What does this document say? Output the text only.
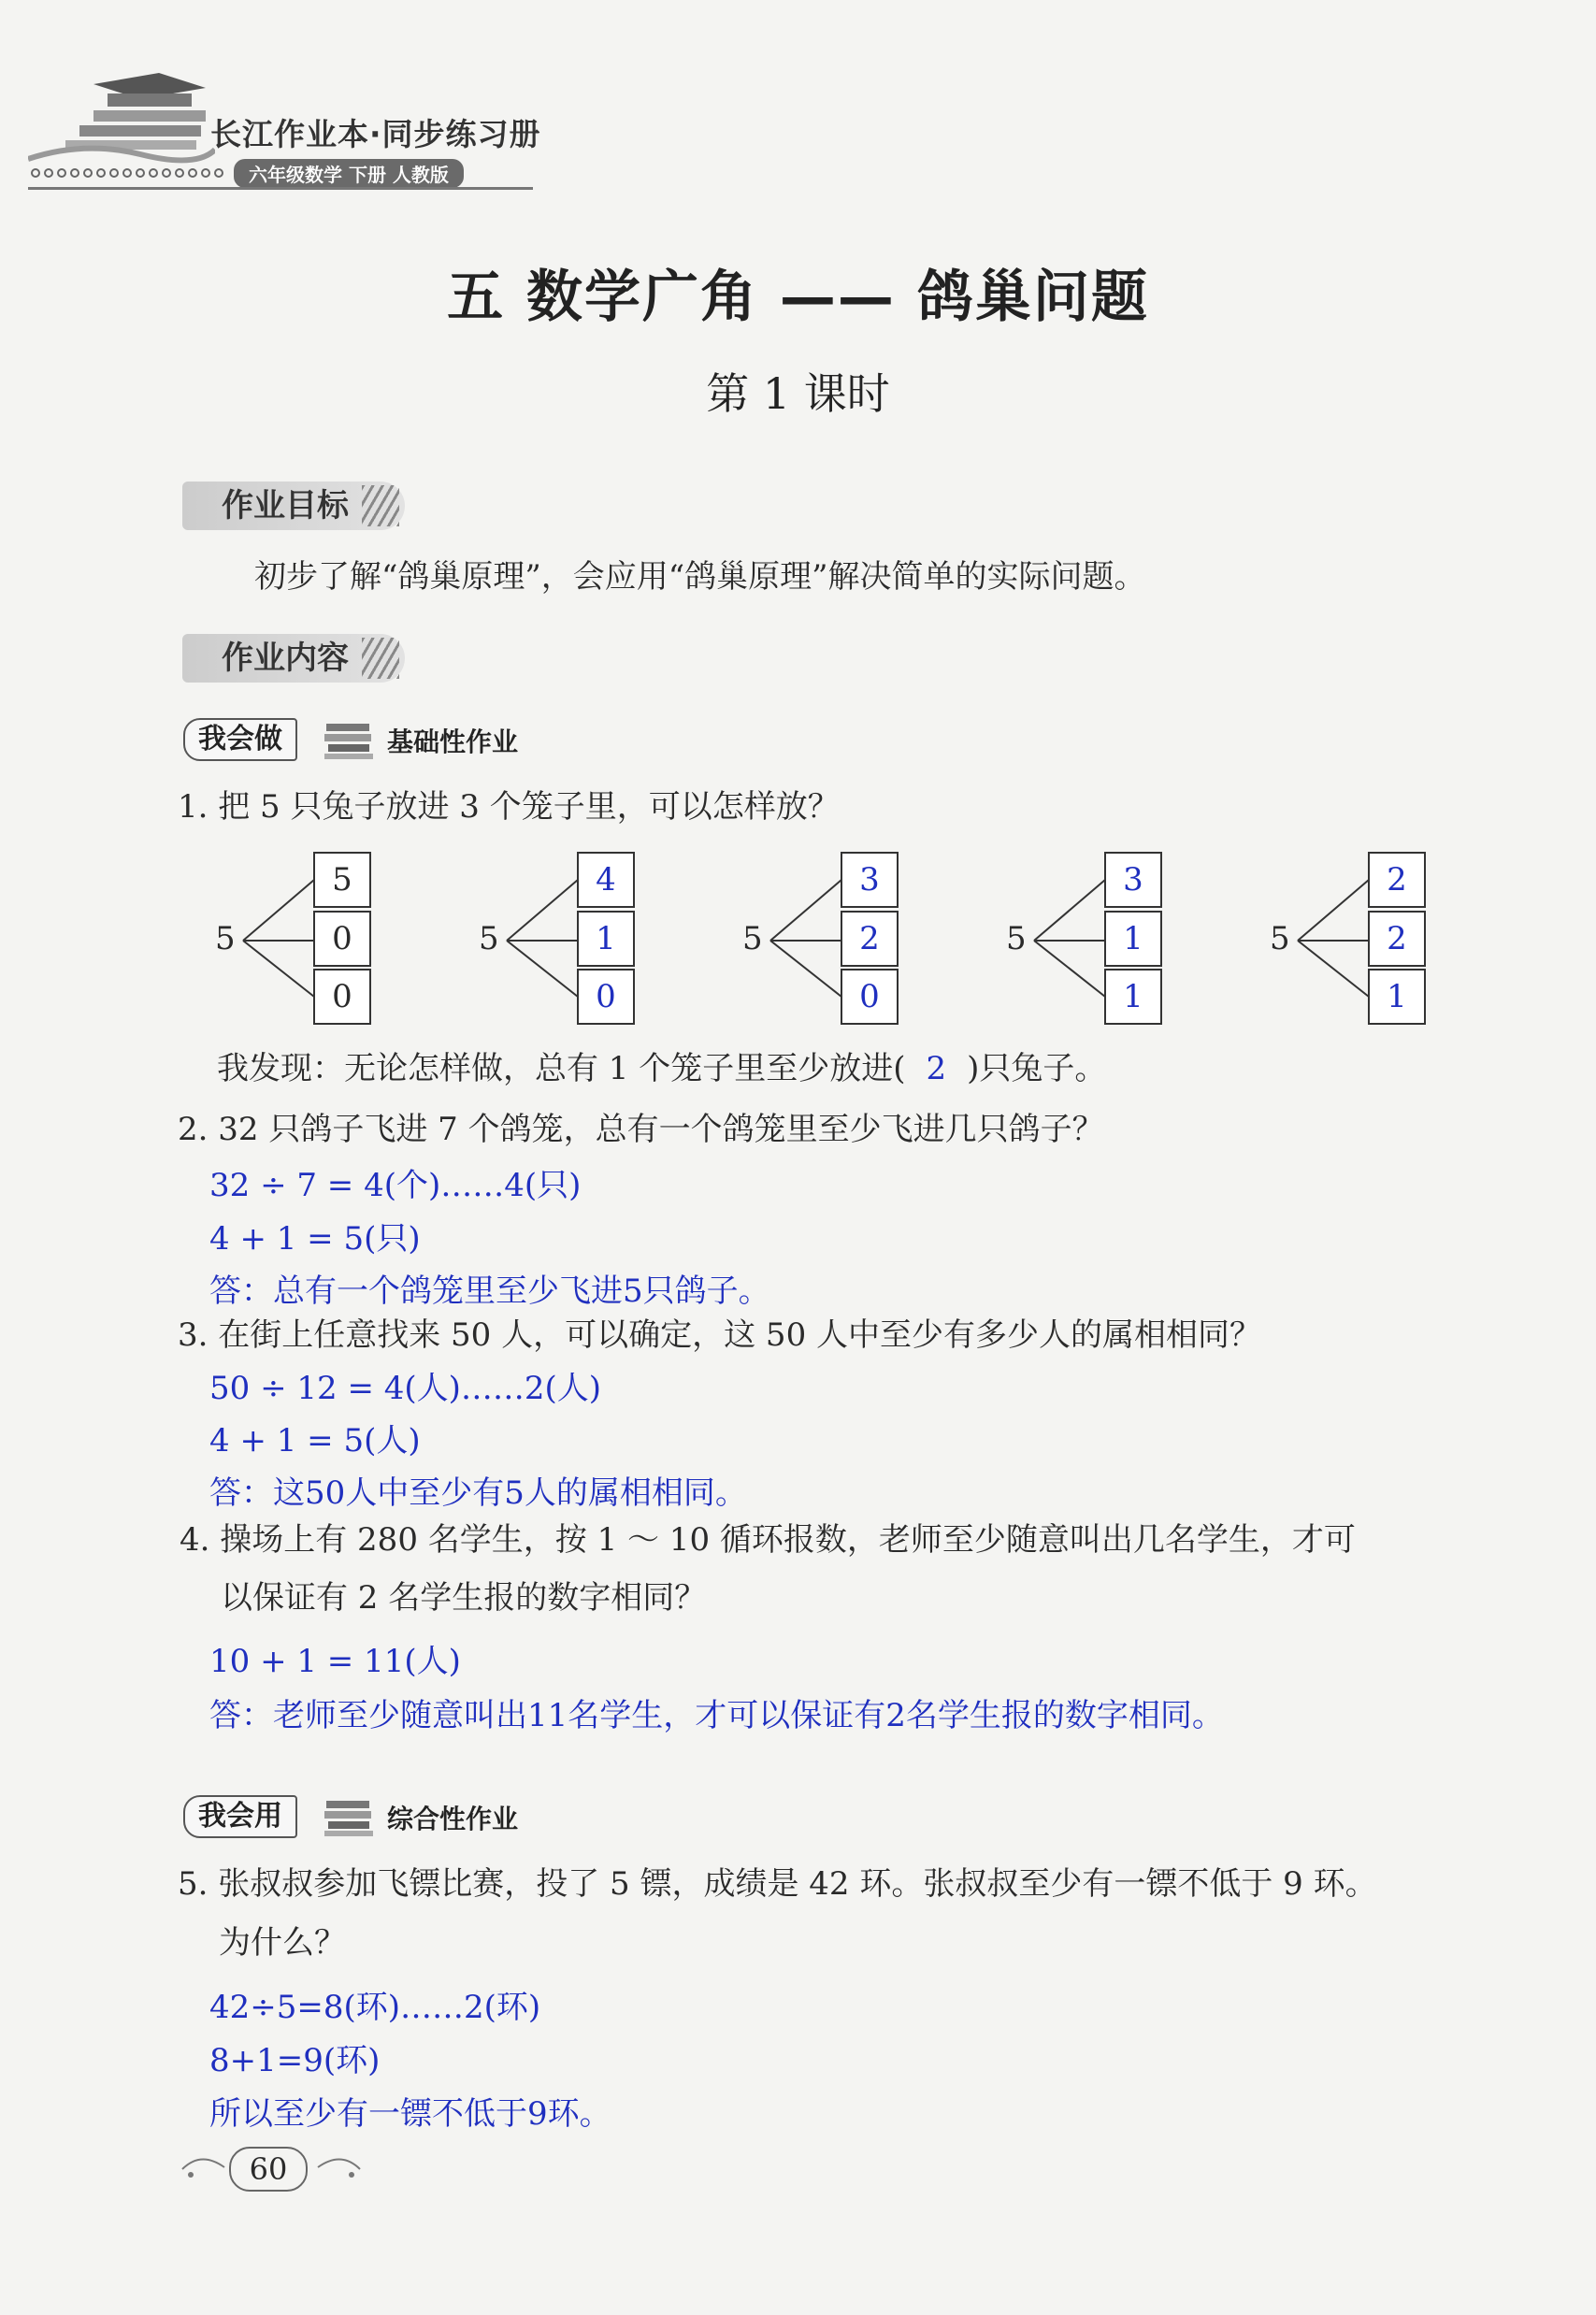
长江作业本·同步练习册
六年级数学 下册 人教版
五 数学广角 —— 鸽巢问题
第 1 课时
作业目标
初步了解“鸽巢原理”，会应用“鸽巢原理”解决简单的实际问题。
作业内容
我会做	基础性作业
1. 把 5 只兔子放进 3 个笼子里，可以怎样放？
5
5
0
0
5
4
1
0
5
3
2
0
5
3
1
1
5
2
2
1
我发现：无论怎样做，总有 1 个笼子里至少放进( 2 )只兔子。
2. 32 只鸽子飞进 7 个鸽笼，总有一个鸽笼里至少飞进几只鸽子？
32 ÷ 7 = 4(个)……4(只)
4 + 1 = 5(只)
答：总有一个鸽笼里至少飞进5只鸽子。
3. 在街上任意找来 50 人，可以确定，这 50 人中至少有多少人的属相相同？
50 ÷ 12 = 4(人)……2(人)
4 + 1 = 5(人)
答：这50人中至少有5人的属相相同。
4. 操场上有 280 名学生，按 1 ～ 10 循环报数，老师至少随意叫出几名学生，才可
以保证有 2 名学生报的数字相同？
10 + 1 = 11(人)
答：老师至少随意叫出11名学生，才可以保证有2名学生报的数字相同。
我会用	综合性作业
5. 张叔叔参加飞镖比赛，投了 5 镖，成绩是 42 环。张叔叔至少有一镖不低于 9 环。
为什么？
42÷5=8(环)……2(环)
8+1=9(环)
所以至少有一镖不低于9环。
60
